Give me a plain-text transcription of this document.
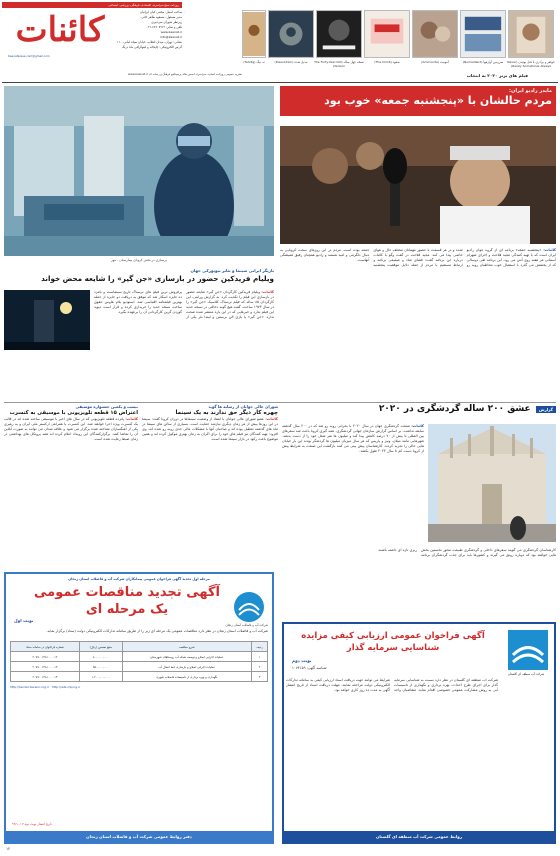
روزنامه صبح سراسری، اقتصادی، فرهنگی، ورزشی، اجتماعی
صاحب امتیاز: مجتبی کیان ایرانیان
مدیر مسئول: مسعود طاهر خانی
زیرنظر شورای سردبیری
تلفن و نمابر: ۶۶۹۰۷۹۱۲-۰۲۱
www.kaenat.ir
info@kaenat.ir
نشانی: تهران، میدان انقلاب، خیابان سیاه امانی، ۱۱۰
آدرس الکترونیکی: چاپخانه و لیتوگرافی ماه درنگ
کائنات
Kaenatpress.com@gmail.com
نشریه عمومی روزنامه اتحادیه سراسری انجمن های پرسپکتیو فرهنگ و رسانه ای www.kaenat.ir
خواهر و برادری با قتل بوئیدن (Never Rarely Sometimes Always)
سرزمین آوارهها (Nomadland)
آمونیت (Ammonite)
صعود (The Climb)
نسخه چهل ساله (The Forty-Year-Old Version)
تبدیل شده (Dissolution)
ته دیگ (Tahdig)
فیلم های برتر ۲۰۲۰ به انتخاب
پرستاری در بخش کرونای بیمارستان - مهر
مایدر رادیو ایران:
مردم حالشان با «پنجشنبه جمعه» خوب بود
کائنات: «پنجشنبه جمعه» برنامه ای از گروه جوان رادیو ایران است که با تهیه کنندگی مجید فلاحت و اجرای شهرام آسمانی هر هفته روی آنتن می رود. این برنامه طی دوسالی که از پخشش می گذرد با استقبال خوب مخاطبان روبه رو شده و در هر قسمت با حضور مهمانان مختلف حال و هوای خاصی پیدا می کند. مجید فلاحت در گفت وگو با کائنات درباره این برنامه گفت: فضای شاد و صمیمی برنامه و ارتباط مستقیم با مردم از جمله دلایل موفقیت پنجشنبه جمعه بوده است. مردم در این روزهای سخت کرونایی به دنبال دلگرمی و امید هستند و رادیو همچنان رفیق همیشگی آنهاست.
بازیگر ایرانی سینما و تئاتر نیویورکی جهان
ویلیام فریدکین حضور در بازسازی «جن گیر» را شایعه محض خواند
کائنات: ویلیام فریدکین کارگردان «جن گیر» شایعه حضور در بازسازی این فیلم را تکذیب کرد. به گزارش ورایتی، این کارگردان ۸۵ ساله که فیلم ترسناک کلاسیک «جن گیر» را در سال ۱۹۷۳ ساخت، گفت هیچ گونه دخالتی در نسخه جدید این فیلم ندارد و خبرهایی که در این باره منتشر شده صحت ندارد. «جن گیر» با بازی الن برستین و لیندا بلر یکی از پرفروش ترین فیلم های ترسناک تاریخ سینماست و نامزد ده جایزه اسکار شد که موفق به دریافت دو جایزه از جمله بهترین فیلمنامه اقتباسی شد. استودیو بلام هاوس حقوق ساخت نسخه جدید را خریداری کرده و قرار است دیوید گوردن گرین کارگردانی آن را برعهده بگیرد.
گزارش عشق ۲۰۰ ساله گردشگری در ۲۰۲۰
کائنات: صنعت گردشگری جهان در سال ۲۰۲۰ با بحرانی روبه رو شد که در ۲۰۰ سال گذشته سابقه نداشت. بر اساس گزارش سازمان جهانی گردشگری، همه گیری کرونا باعث شد سفرهای بین المللی تا بیش از ۷۰ درصد کاهش پیدا کند و میلیون ها نفر شغل خود را از دست بدهند. شهرهایی مانند میلان، ونیز و پاریس که هر سال میزبان میلیون ها گردشگر بودند این بار خیابان هایی خالی را تجربه کردند. کارشناسان پیش بینی می کنند بازگشت این صنعت به شرایط پیش از کرونا دست کم تا سال ۲۰۲۳ طول بکشد.
کارشناسان گردشگری می گویند سفرهای داخلی و گردشگری طبیعت محور نخستین بخش هایی خواهند بود که دوباره رونق می گیرند و کشورها باید برای جذب گردشگران برنامه ریزی تازه ای داشته باشند.
شورای عالی جوانان از رسانه ها گوید
چهره کار دیگر حق ندارند به یک سینما
کائنات: عضو شورای عالی جوانان با انتقاد از وضعیت سینماها در دوران کرونا گفت: سینما در این روزها بیش از هر زمان دیگری نیازمند حمایت است. بسیاری از سالن های سینما در ماه های گذشته تعطیل بوده اند و صاحبان آنها با مشکلات مالی جدی روبه رو شده اند. وی افزود: تهیه کنندگان نیز فیلم های خود را برای اکران به زمان بهتری موکول کرده اند و همین موضوع باعث رکود در بازار سینما شده است.
بیست و یکمین جشنواره موسیقی
اعتراض ۱۵ قطعه تلویزیونی با موسیقی به کنسرت
کائنات: پانزده قطعه تلویزیونی که در سال های اخیر با موسیقی ساخته شده اند در قالب یک کنسرت ویژه اجرا خواهند شد. این کنسرت با همراهی ارکستر ملی ایران و به رهبری یکی از آهنگسازان شناخته شده برگزار می شود و علاقه مندان می توانند به صورت آنلاین آن را تماشا کنند. برگزارکنندگان این رویداد اعلام کرده اند همه پروتکل های بهداشتی در زمان ضبط رعایت شده است.
مرحله اول تجدید آگهی فراخوان عمومی پیمانکاران شرکت آب و فاضلاب استان زنجان
آگهی تجدید مناقصات عمومی یک مرحله ای
نوبت اول
شرکت آب و فاضلاب استان زنجان
شرکت آب و فاضلاب استان زنجان در نظر دارد مناقصات عمومی یک مرحله ای زیر را از طریق سامانه تدارکات الکترونیکی دولت (ستاد) برگزار نماید.
ردیف	شرح مناقصه	مبلغ تضمین (ریال)	شماره فراخوان در سامانه ستاد
۱	عملیات اجرایی اصلاح و توسعه شبکه آب روستاهای شهرستان	۸۰۰,۰۰۰,۰۰۰	۲۰۹۹۰۰۱۳۸۱۰۰۰۰۱۲
۲	عملیات اجرایی اصلاح و بازسازی خط انتقال آب	۹۵۰,۰۰۰,۰۰۰	۲۰۹۹۰۰۱۳۸۱۰۰۰۰۱۳
۳	نگهداری و بهره برداری از تاسیسات فاضلاب شهری	۱,۲۰۰,۰۰۰,۰۰۰	۲۰۹۹۰۰۱۳۸۱۰۰۰۰۱۴
http://tender.tavanir.org.ir http://iets.mporg.ir
تاریخ انتشار نوبت دوم ۹۹/۱۰/۰۳
دفتر روابط عمومی شرکت آب و فاضلاب استان زنجان
شرکت آب منطقه ای گلستان
آگهی فراخوان عمومی ارزیابی کیفی مزایده شناسایی سرمایه گذار
نوبت دوم
شناسه آگهی: ۱۰۷۴۱۵۹
شرکت آب منطقه ای گلستان در نظر دارد نسبت به شناسایی سرمایه گذار برای اجرای طرح احداث، بهره برداری و نگهداری از تاسیسات آبی به روش مشارکت عمومی خصوصی اقدام نماید. متقاضیان واجد شرایط می توانند جهت دریافت اسناد ارزیابی کیفی به سامانه تدارکات الکترونیکی دولت مراجعه نمایند. مهلت دریافت اسناد از تاریخ انتشار آگهی به مدت ده روز کاری خواهد بود.
روابط عمومی شرکت آب منطقه ای گلستان
۱۲
